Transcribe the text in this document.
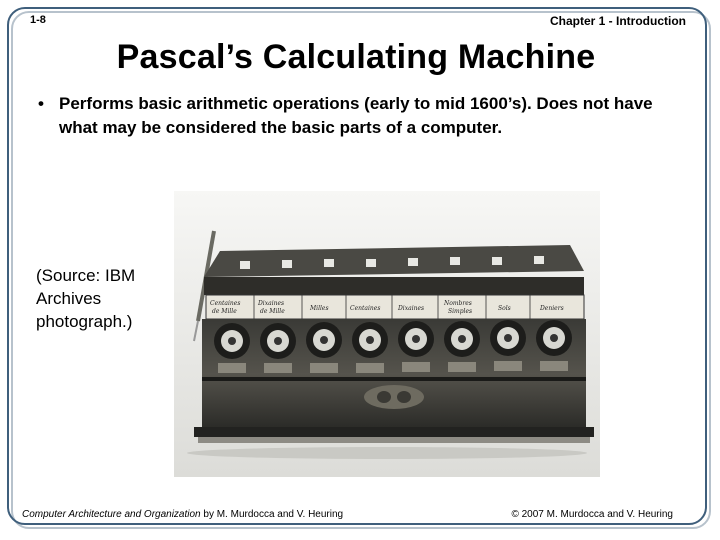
1-8	Chapter 1 - Introduction
Pascal’s Calculating Machine
• Performs basic arithmetic operations (early to mid 1600’s). Does not have what may be considered the basic parts of a computer.
(Source: IBM Archives photograph.)
Centaines
de Mille
Dixaines
de Mille	Milles	Centaines	Dixaines
Nombres
Simples	Sols	Deniers
Computer Architecture and Organization by M. Murdocca and V. Heuring	© 2007 M. Murdocca and V. Heuring
